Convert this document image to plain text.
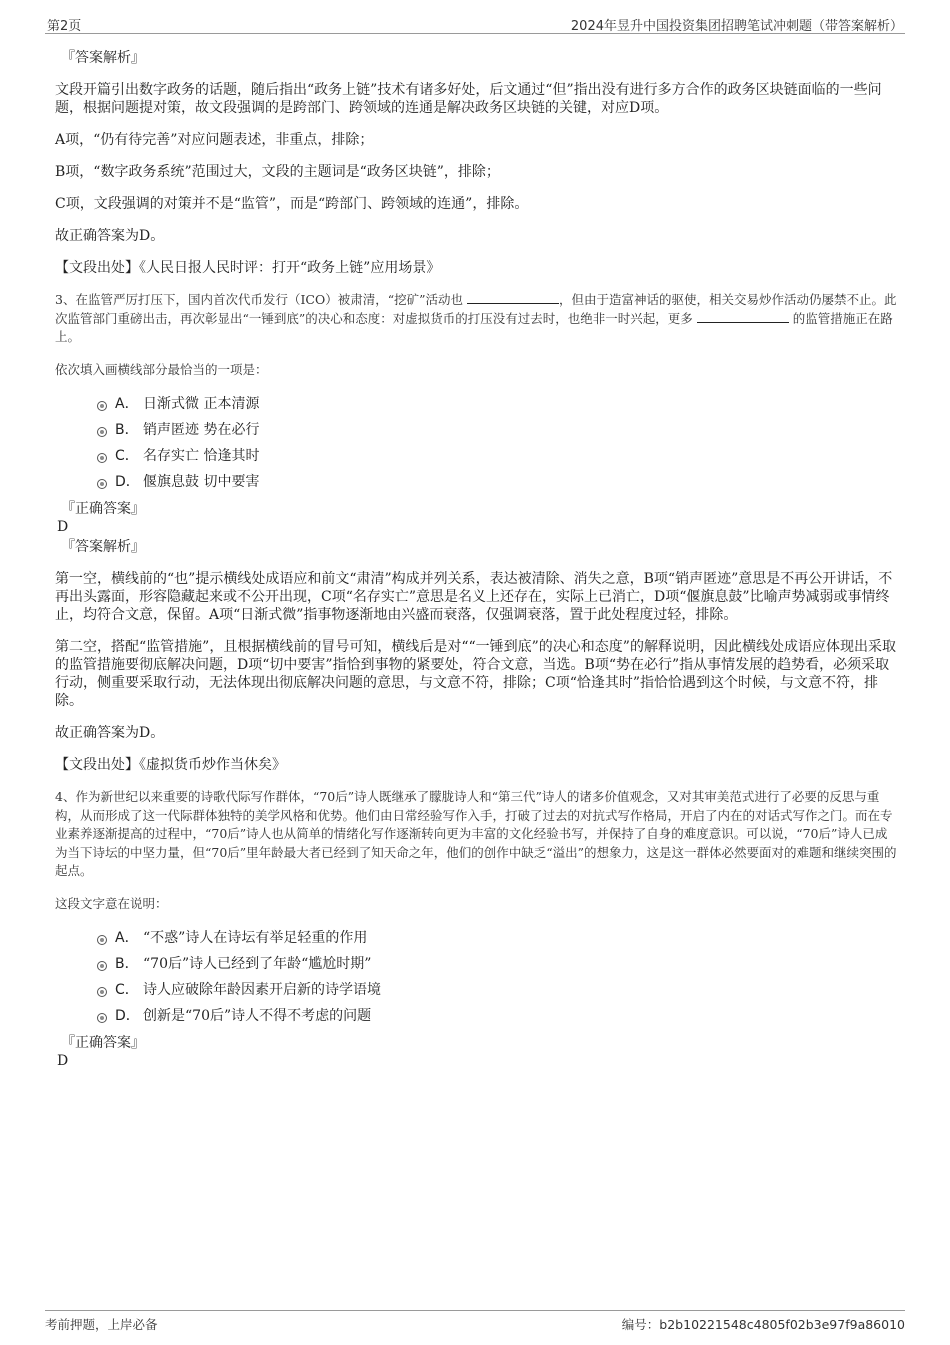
第2页	2024年昱升中国投资集团招聘笔试冲刺题（带答案解析）

『答案解析』

文段开篇引出数字政务的话题，随后指出“政务上链”技术有诸多好处，后文通过“但”指出没有进行多方合作的政务区块链面临的一些问题，根据问题提对策，故文段强调的是跨部门、跨领域的连通是解决政务区块链的关键，对应D项。

A项，“仍有待完善”对应问题表述，非重点，排除；

B项，“数字政务系统”范围过大，文段的主题词是“政务区块链”，排除；

C项，文段强调的对策并不是“监管”，而是“跨部门、跨领域的连通”，排除。

故正确答案为D。

【文段出处】《人民日报人民时评：打开“政务上链”应用场景》

3、在监管严厉打压下，国内首次代币发行（ICO）被肃清，“挖矿”活动也	，但由于造富神话的驱使，相关交易炒作活动仍屡禁不止。此次监管部门重磅出击，再次彰显出“一锤到底”的决心和态度：对虚拟货币的打压没有过去时，也绝非一时兴起，更多	的监管措施正在路上。

依次填入画横线部分最恰当的一项是：

A． 日渐式微 正本清源
B． 销声匿迹 势在必行
C． 名存实亡 恰逢其时
D． 偃旗息鼓 切中要害

『正确答案』

D

『答案解析』

第一空，横线前的“也”提示横线处成语应和前文“肃清”构成并列关系，表达被清除、消失之意，B项“销声匿迹”意思是不再公开讲话，不再出头露面，形容隐藏起来或不公开出现，C项“名存实亡”意思是名义上还存在，实际上已消亡，D项“偃旗息鼓”比喻声势减弱或事情终止，均符合文意，保留。A项“日渐式微”指事物逐渐地由兴盛而衰落，仅强调衰落，置于此处程度过轻，排除。

第二空，搭配“监管措施”，且根据横线前的冒号可知，横线后是对““一锤到底”的决心和态度”的解释说明，因此横线处成语应体现出采取的监管措施要彻底解决问题，D项“切中要害”指恰到事物的紧要处，符合文意，当选。B项“势在必行”指从事情发展的趋势看，必须采取行动，侧重要采取行动，无法体现出彻底解决问题的意思，与文意不符，排除；C项“恰逢其时”指恰恰遇到这个时候，与文意不符，排除。

故正确答案为D。

【文段出处】《虚拟货币炒作当休矣》

4、作为新世纪以来重要的诗歌代际写作群体，“70后”诗人既继承了朦胧诗人和“第三代”诗人的诸多价值观念，又对其审美范式进行了必要的反思与重构，从而形成了这一代际群体独特的美学风格和优势。他们由日常经验写作入手，打破了过去的对抗式写作格局，开启了内在的对话式写作之门。而在专业素养逐渐提高的过程中，“70后”诗人也从简单的情绪化写作逐渐转向更为丰富的文化经验书写，并保持了自身的难度意识。可以说，“70后”诗人已成为当下诗坛的中坚力量，但“70后”里年龄最大者已经到了知天命之年，他们的创作中缺乏“溢出”的想象力，这是这一群体必然要面对的难题和继续突围的起点。

这段文字意在说明：

A． “不惑”诗人在诗坛有举足轻重的作用
B． “70后”诗人已经到了年龄“尴尬时期”
C． 诗人应破除年龄因素开启新的诗学语境
D． 创新是“70后”诗人不得不考虑的问题

『正确答案』

D

考前押题，上岸必备	编号：b2b10221548c4805f02b3e97f9a86010
